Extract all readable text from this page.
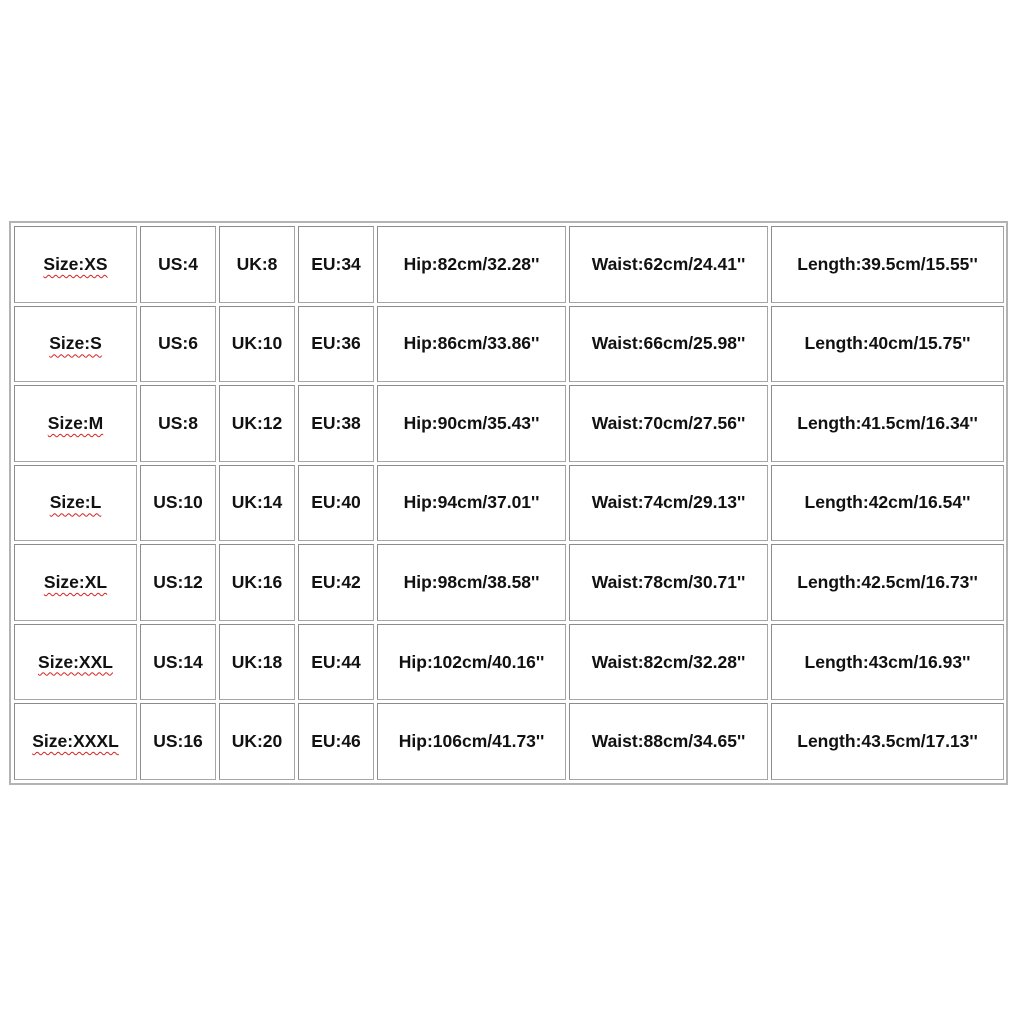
Size:XS	US:4	UK:8	EU:34	Hip:82cm/32.28''	Waist:62cm/24.41''	Length:39.5cm/15.55''
Size:S	US:6	UK:10	EU:36	Hip:86cm/33.86''	Waist:66cm/25.98''	Length:40cm/15.75''
Size:M	US:8	UK:12	EU:38	Hip:90cm/35.43''	Waist:70cm/27.56''	Length:41.5cm/16.34''
Size:L	US:10	UK:14	EU:40	Hip:94cm/37.01''	Waist:74cm/29.13''	Length:42cm/16.54''
Size:XL	US:12	UK:16	EU:42	Hip:98cm/38.58''	Waist:78cm/30.71''	Length:42.5cm/16.73''
Size:XXL	US:14	UK:18	EU:44	Hip:102cm/40.16''	Waist:82cm/32.28''	Length:43cm/16.93''
Size:XXXL	US:16	UK:20	EU:46	Hip:106cm/41.73''	Waist:88cm/34.65''	Length:43.5cm/17.13''
